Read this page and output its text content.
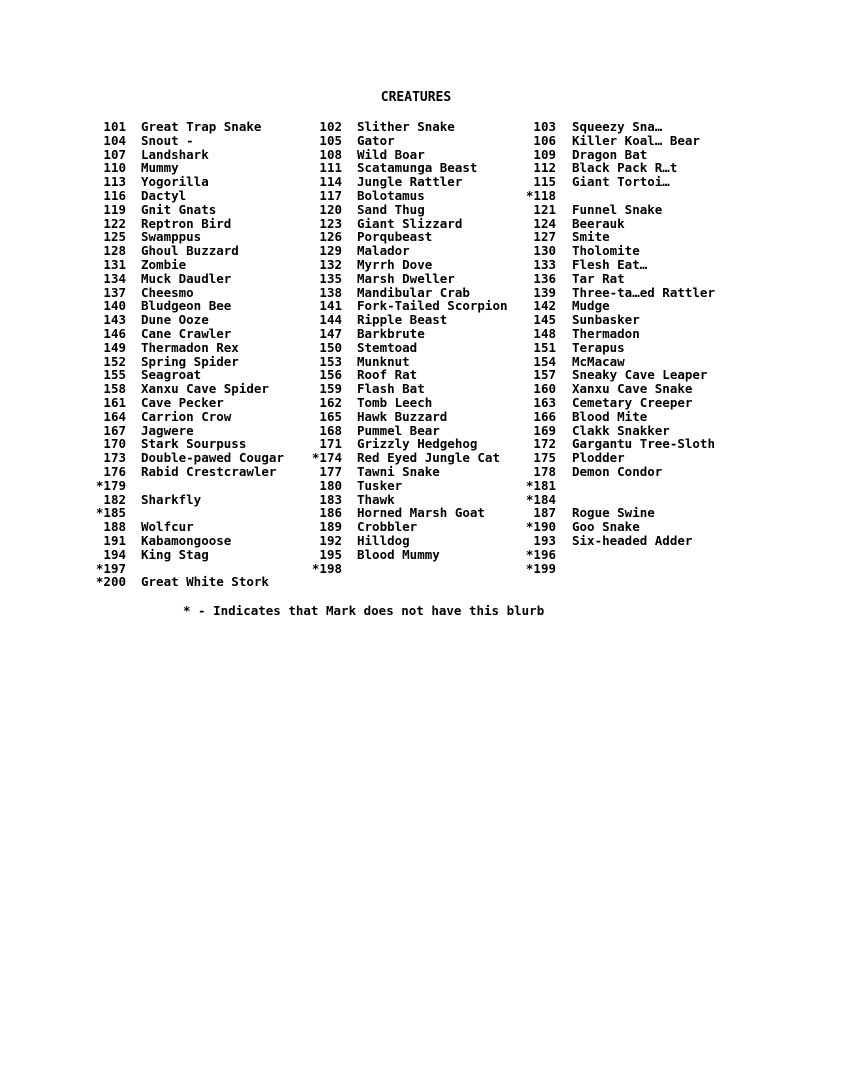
CREATURES
101 Great Trap Snake	102 Slither Snake	103 Squeezy Sna…
104 Snout -	105 Gator	106 Killer Koal… Bear
107 Landshark	108 Wild Boar	109 Dragon Bat
110 Mummy	111 Scatamunga Beast	112 Black Pack R…t
113 Yogorilla	114 Jungle Rattler	115 Giant Tortoi…
116 Dactyl	117 Bolotamus	*118
119 Gnit Gnats	120 Sand Thug	121 Funnel Snake
122 Reptron Bird	123 Giant Slizzard	124 Beerauk
125 Swamppus	126 Porqubeast	127 Smite
128 Ghoul Buzzard	129 Malador	130 Tholomite
131 Zombie	132 Myrrh Dove	133 Flesh Eat…
134 Muck Daudler	135 Marsh Dweller	136 Tar Rat
137 Cheesmo	138 Mandibular Crab	139 Three-ta…ed Rattler
140 Bludgeon Bee	141 Fork-Tailed Scorpion	142 Mudge
143 Dune Ooze	144 Ripple Beast	145 Sunbasker
146 Cane Crawler	147 Barkbrute	148 Thermadon
149 Thermadon Rex	150 Stemtoad	151 Terapus
152 Spring Spider	153 Munknut	154 McMacaw
155 Seagroat	156 Roof Rat	157 Sneaky Cave Leaper
158 Xanxu Cave Spider	159 Flash Bat	160 Xanxu Cave Snake
161 Cave Pecker	162 Tomb Leech	163 Cemetary Creeper
164 Carrion Crow	165 Hawk Buzzard	166 Blood Mite
167 Jagwere	168 Pummel Bear	169 Clakk Snakker
170 Stark Sourpuss	171 Grizzly Hedgehog	172 Gargantu Tree-Sloth
173 Double-pawed Cougar	*174 Red Eyed Jungle Cat	175 Plodder
176 Rabid Crestcrawler	177 Tawni Snake	178 Demon Condor
*179	180 Tusker	*181
182 Sharkfly	183 Thawk	*184
*185	186 Horned Marsh Goat	187 Rogue Swine
188 Wolfcur	189 Crobbler	*190 Goo Snake
191 Kabamongoose	192 Hilldog	193 Six-headed Adder
194 King Stag	195 Blood Mummy	*196
*197	*198	*199
*200 Great White Stork
* - Indicates that Mark does not have this blurb
